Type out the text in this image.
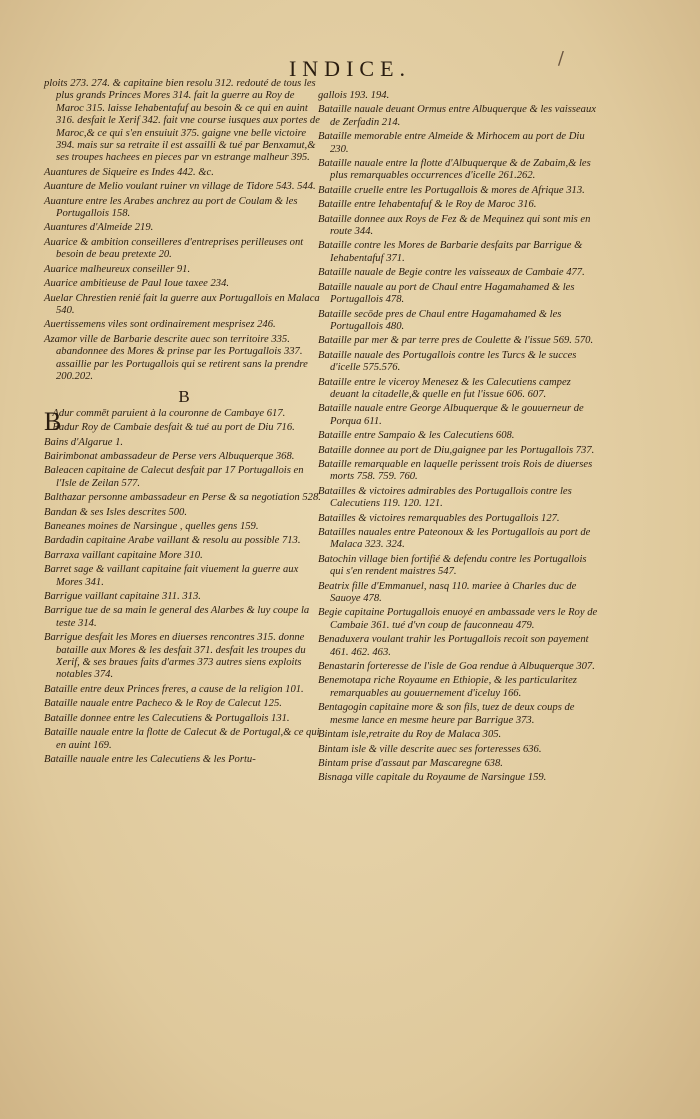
INDICE.	/
ploits 273. 274. & capitaine bien resolu 312. redouté de tous les plus grands Princes Mores 314. fait la guerre au Roy de Maroc 315. laisse Iehabentafuf au besoin & ce qui en auint 316. desfait le Xerif 342. fait vne course iusques aux portes de Maroc,& ce qui s'en ensuiuit 375. gaigne vne belle victoire 394. mais sur sa retraite il est assailli & tué par Benxamut,& ses troupes hachees en pieces par vn estrange malheur 395.
Auantures de Siqueire es Indes 442. &c.
Auanture de Melio voulant ruiner vn village de Tidore 543. 544.
Auanture entre les Arabes anchrez au port de Coulam & les Portugallois 158.
Auantures d'Almeide 219.
Auarice & ambition conseilleres d'entreprises perilleuses ont besoin de beau pretexte 20.
Auarice malheureux conseiller 91.
Auarice ambitieuse de Paul Ioue taxee 234.
Auelar Chrestien renié fait la guerre aux Portugallois en Malaca 540.
Auertissemens viles sont ordinairement mesprisez 246.
Azamor ville de Barbarie descrite auec son territoire 335. abandonnee des Mores & prinse par les Portugallois 337. assaillie par les Portugallois qui se retirent sans la prendre 200.202.
B
B
Adur commēt paruient à la couronne de Cambaye 617.
Badur Roy de Cambaie desfait & tué au port de Diu 716.
Bains d'Algarue 1.
Bairimbonat ambassadeur de Perse vers Albuquerque 368.
Baleacen capitaine de Calecut desfait par 17 Portugallois en l'Isle de Zeilan 577.
Balthazar personne ambassadeur en Perse & sa negotiation 528.
Bandan & ses Isles descrites 500.
Baneanes moines de Narsingue , quelles gens 159.
Bardadin capitaine Arabe vaillant & resolu au possible 713.
Barraxa vaillant capitaine More 310.
Barret sage & vaillant capitaine fait viuement la guerre aux Mores 341.
Barrigue vaillant capitaine 311. 313.
Barrigue tue de sa main le general des Alarbes & luy coupe la teste 314.
Barrigue desfait les Mores en diuerses rencontres 315. donne bataille aux Mores & les desfait 371. desfait les troupes du Xerif, & ses braues faits d'armes 373 autres siens exploits notables 374.
Bataille entre deux Princes freres, a cause de la religion 101.
Bataille nauale entre Pacheco & le Roy de Calecut 125.
Bataille donnee entre les Calecutiens & Portugallois 131.
Bataille nauale entre la flotte de Calecut & de Portugal,& ce qui en auint 169.
Bataille nauale entre les Calecutiens & les Portu-
gallois 193. 194.
Bataille nauale deuant Ormus entre Albuquerque & les vaisseaux de Zerfadin 214.
Bataille memorable entre Almeide & Mirhocem au port de Diu 230.
Bataille nauale entre la flotte d'Albuquerque & de Zabaim,& les plus remarquables occurrences d'icelle 261.262.
Bataille cruelle entre les Portugallois & mores de Afrique 313.
Bataille entre Iehabentafuf & le Roy de Maroc 316.
Bataille donnee aux Roys de Fez & de Mequinez qui sont mis en route 344.
Bataille contre les Mores de Barbarie desfaits par Barrigue & Iehabentafuf 371.
Bataille nauale de Begie contre les vaisseaux de Cambaie 477.
Bataille nauale au port de Chaul entre Hagamahamed & les Portugallois 478.
Bataille secōde pres de Chaul entre Hagamahamed & les Portugallois 480.
Bataille par mer & par terre pres de Coulette & l'issue 569. 570.
Bataille nauale des Portugallois contre les Turcs & le succes d'icelle 575.576.
Bataille entre le viceroy Menesez & les Calecutiens campez deuant la citadelle,& quelle en fut l'issue 606. 607.
Bataille nauale entre George Albuquerque & le gouuerneur de Porqua 611.
Bataille entre Sampaio & les Calecutiens 608.
Bataille donnee au port de Diu,gaignee par les Portugallois 737.
Bataille remarquable en laquelle perissent trois Rois de diuerses morts 758. 759. 760.
Batailles & victoires admirables des Portugallois contre les Calecutiens 119. 120. 121.
Batailles & victoires remarquables des Portugallois 127.
Batailles nauales entre Pateonoux & les Portugallois au port de Malaca 323. 324.
Batochin village bien fortifié & defendu contre les Portugallois qui s'en rendent maistres 547.
Beatrix fille d'Emmanuel, nasq 110. mariee à Charles duc de Sauoye 478.
Begie capitaine Portugallois enuoyé en ambassade vers le Roy de Cambaie 361. tué d'vn coup de fauconneau 479.
Benaduxera voulant trahir les Portugallois recoit son payement 461. 462. 463.
Benastarin forteresse de l'isle de Goa rendue à Albuquerque 307.
Benemotapa riche Royaume en Ethiopie, & les particularitez remarquables au gouuernement d'iceluy 166.
Bentagogin capitaine more & son fils, tuez de deux coups de mesme lance en mesme heure par Barrigue 373.
Bintam isle,retraite du Roy de Malaca 305.
Bintam isle & ville descrite auec ses forteresses 636.
Bintam prise d'assaut par Mascaregne 638.
Bisnaga ville capitale du Royaume de Narsingue 159.
